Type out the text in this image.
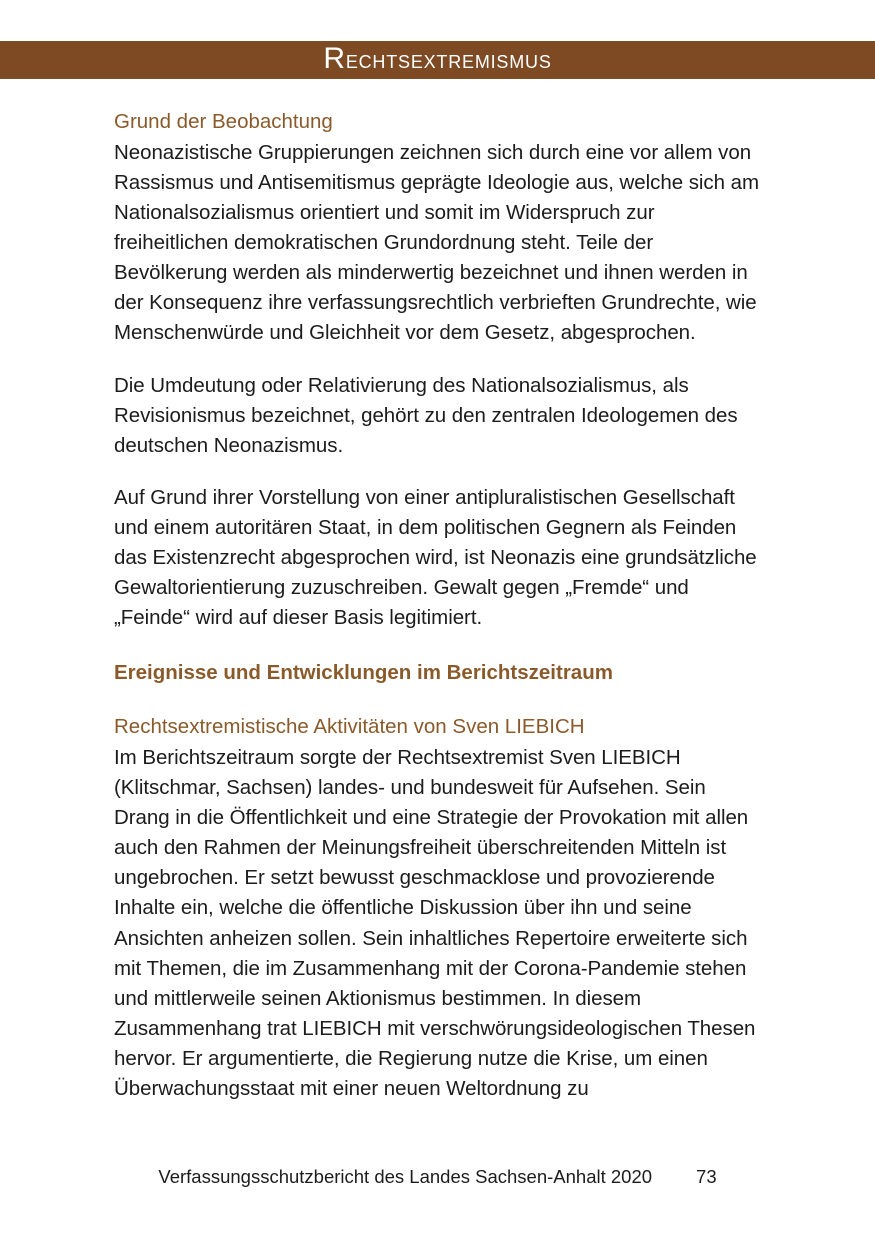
Rechtsextremismus
Grund der Beobachtung

Neonazistische Gruppierungen zeichnen sich durch eine vor allem von Rassismus und Antisemitismus geprägte Ideologie aus, welche sich am Nationalsozialismus orientiert und somit im Widerspruch zur freiheitlichen demokratischen Grundordnung steht. Teile der Bevölkerung werden als minderwertig bezeichnet und ihnen werden in der Konsequenz ihre verfassungsrechtlich verbrieften Grundrechte, wie Menschenwürde und Gleichheit vor dem Gesetz, abgesprochen.

Die Umdeutung oder Relativierung des Nationalsozialismus, als Revisionismus bezeichnet, gehört zu den zentralen Ideologemen des deutschen Neonazismus.

Auf Grund ihrer Vorstellung von einer antipluralistischen Gesellschaft und einem autoritären Staat, in dem politischen Gegnern als Feinden das Existenzrecht abgesprochen wird, ist Neonazis eine grundsätzliche Gewaltorientierung zuzuschreiben. Gewalt gegen „Fremde“ und „Feinde“ wird auf dieser Basis legitimiert.

Ereignisse und Entwicklungen im Berichtszeitraum
Rechtsextremistische Aktivitäten von Sven LIEBICH

Im Berichtszeitraum sorgte der Rechtsextremist Sven LIEBICH (Klitschmar, Sachsen) landes- und bundesweit für Aufsehen. Sein Drang in die Öffentlichkeit und eine Strategie der Provokation mit allen auch den Rahmen der Meinungsfreiheit überschreitenden Mitteln ist ungebrochen. Er setzt bewusst geschmacklose und provozierende Inhalte ein, welche die öffentliche Diskussion über ihn und seine Ansichten anheizen sollen. Sein inhaltliches Repertoire erweiterte sich mit Themen, die im Zusammenhang mit der Corona-Pandemie stehen und mittlerweile seinen Aktionismus bestimmen. In diesem Zusammenhang trat LIEBICH mit verschwörungsideologischen Thesen hervor. Er argumentierte, die Regierung nutze die Krise, um einen Überwachungsstaat mit einer neuen Weltordnung zu

Verfassungsschutzbericht des Landes Sachsen-Anhalt 2020 73
